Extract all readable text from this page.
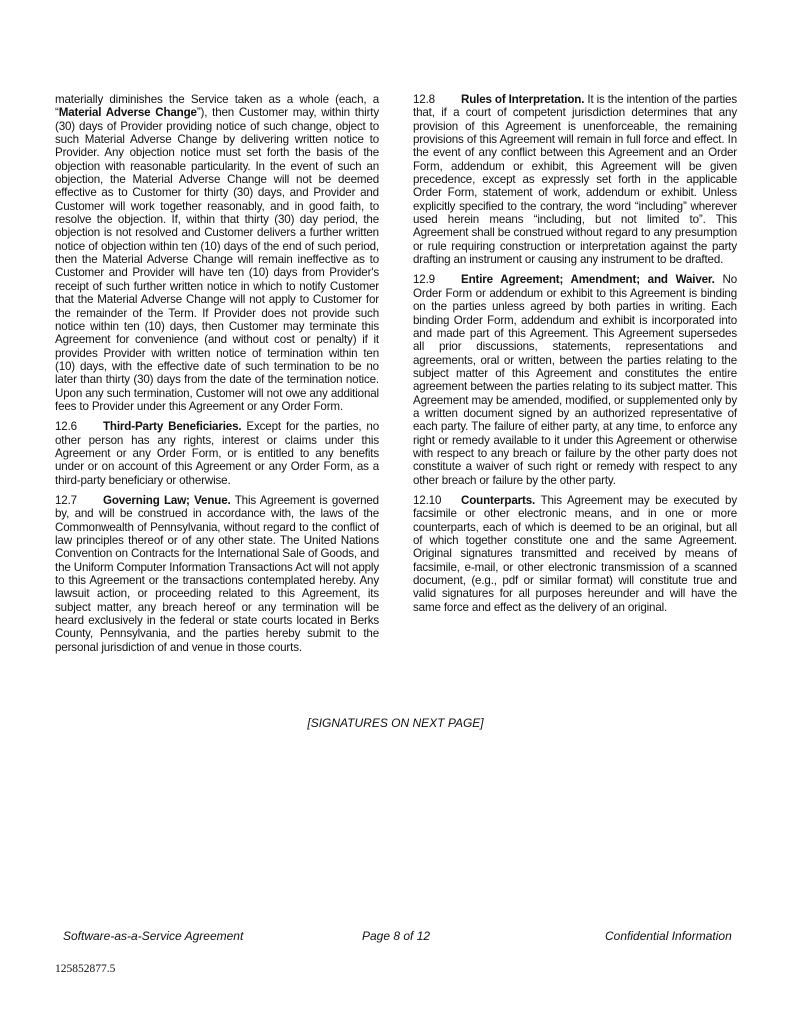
materially diminishes the Service taken as a whole (each, a “Material Adverse Change”), then Customer may, within thirty (30) days of Provider providing notice of such change, object to such Material Adverse Change by delivering written notice to Provider. Any objection notice must set forth the basis of the objection with reasonable particularity. In the event of such an objection, the Material Adverse Change will not be deemed effective as to Customer for thirty (30) days, and Provider and Customer will work together reasonably, and in good faith, to resolve the objection. If, within that thirty (30) day period, the objection is not resolved and Customer delivers a further written notice of objection within ten (10) days of the end of such period, then the Material Adverse Change will remain ineffective as to Customer and Provider will have ten (10) days from Provider's receipt of such further written notice in which to notify Customer that the Material Adverse Change will not apply to Customer for the remainder of the Term. If Provider does not provide such notice within ten (10) days, then Customer may terminate this Agreement for convenience (and without cost or penalty) if it provides Provider with written notice of termination within ten (10) days, with the effective date of such termination to be no later than thirty (30) days from the date of the termination notice. Upon any such termination, Customer will not owe any additional fees to Provider under this Agreement or any Order Form.

12.6 Third-Party Beneficiaries. Except for the parties, no other person has any rights, interest or claims under this Agreement or any Order Form, or is entitled to any benefits under or on account of this Agreement or any Order Form, as a third-party beneficiary or otherwise.

12.7 Governing Law; Venue. This Agreement is governed by, and will be construed in accordance with, the laws of the Commonwealth of Pennsylvania, without regard to the conflict of law principles thereof or of any other state. The United Nations Convention on Contracts for the International Sale of Goods, and the Uniform Computer Information Transactions Act will not apply to this Agreement or the transactions contemplated hereby. Any lawsuit action, or proceeding related to this Agreement, its subject matter, any breach hereof or any termination will be heard exclusively in the federal or state courts located in Berks County, Pennsylvania, and the parties hereby submit to the personal jurisdiction of and venue in those courts.

12.8 Rules of Interpretation. It is the intention of the parties that, if a court of competent jurisdiction determines that any provision of this Agreement is unenforceable, the remaining provisions of this Agreement will remain in full force and effect. In the event of any conflict between this Agreement and an Order Form, addendum or exhibit, this Agreement will be given precedence, except as expressly set forth in the applicable Order Form, statement of work, addendum or exhibit. Unless explicitly specified to the contrary, the word “including” wherever used herein means “including, but not limited to”. This Agreement shall be construed without regard to any presumption or rule requiring construction or interpretation against the party drafting an instrument or causing any instrument to be drafted.

12.9 Entire Agreement; Amendment; and Waiver. No Order Form or addendum or exhibit to this Agreement is binding on the parties unless agreed by both parties in writing. Each binding Order Form, addendum and exhibit is incorporated into and made part of this Agreement. This Agreement supersedes all prior discussions, statements, representations and agreements, oral or written, between the parties relating to the subject matter of this Agreement and constitutes the entire agreement between the parties relating to its subject matter. This Agreement may be amended, modified, or supplemented only by a written document signed by an authorized representative of each party. The failure of either party, at any time, to enforce any right or remedy available to it under this Agreement or otherwise with respect to any breach or failure by the other party does not constitute a waiver of such right or remedy with respect to any other breach or failure by the other party.

12.10 Counterparts. This Agreement may be executed by facsimile or other electronic means, and in one or more counterparts, each of which is deemed to be an original, but all of which together constitute one and the same Agreement. Original signatures transmitted and received by means of facsimile, e-mail, or other electronic transmission of a scanned document, (e.g., pdf or similar format) will constitute true and valid signatures for all purposes hereunder and will have the same force and effect as the delivery of an original.

[SIGNATURES ON NEXT PAGE]
Software-as-a-Service Agreement	Page 8 of 12	Confidential Information
125852877.5
